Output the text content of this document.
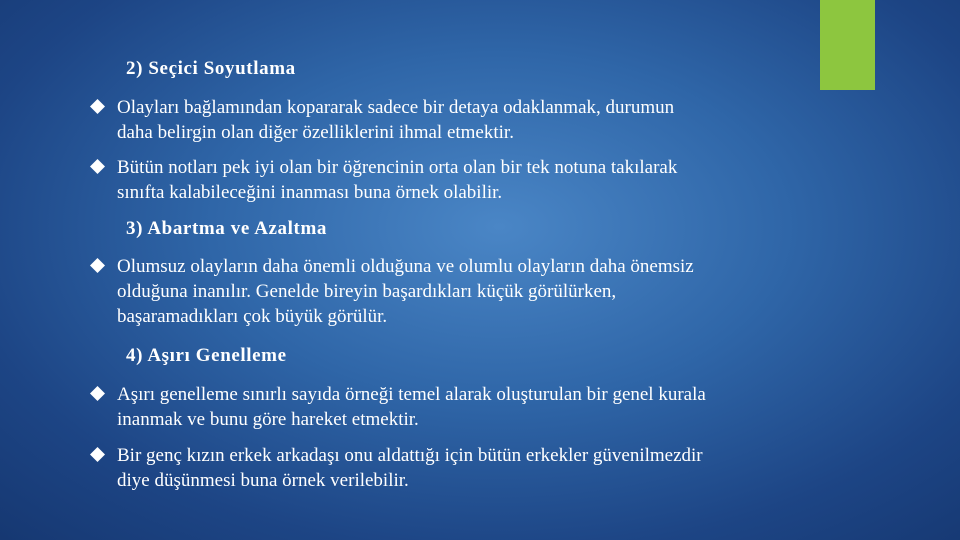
2) Seçici Soyutlama
Olayları bağlamından kopararak sadece bir detaya odaklanmak, durumun
daha belirgin olan diğer özelliklerini ihmal etmektir.
Bütün notları pek iyi olan bir öğrencinin orta olan bir tek notuna takılarak
sınıfta kalabileceğini inanması buna örnek olabilir.
3) Abartma ve Azaltma
Olumsuz olayların daha önemli olduğuna ve olumlu olayların daha önemsiz
olduğuna inanılır. Genelde bireyin başardıkları küçük görülürken,
başaramadıkları çok büyük görülür.
4) Aşırı Genelleme
Aşırı genelleme sınırlı sayıda örneği temel alarak oluşturulan bir genel kurala
inanmak ve bunu göre hareket etmektir.
Bir genç kızın erkek arkadaşı onu aldattığı için bütün erkekler güvenilmezdir
diye düşünmesi buna örnek verilebilir.
